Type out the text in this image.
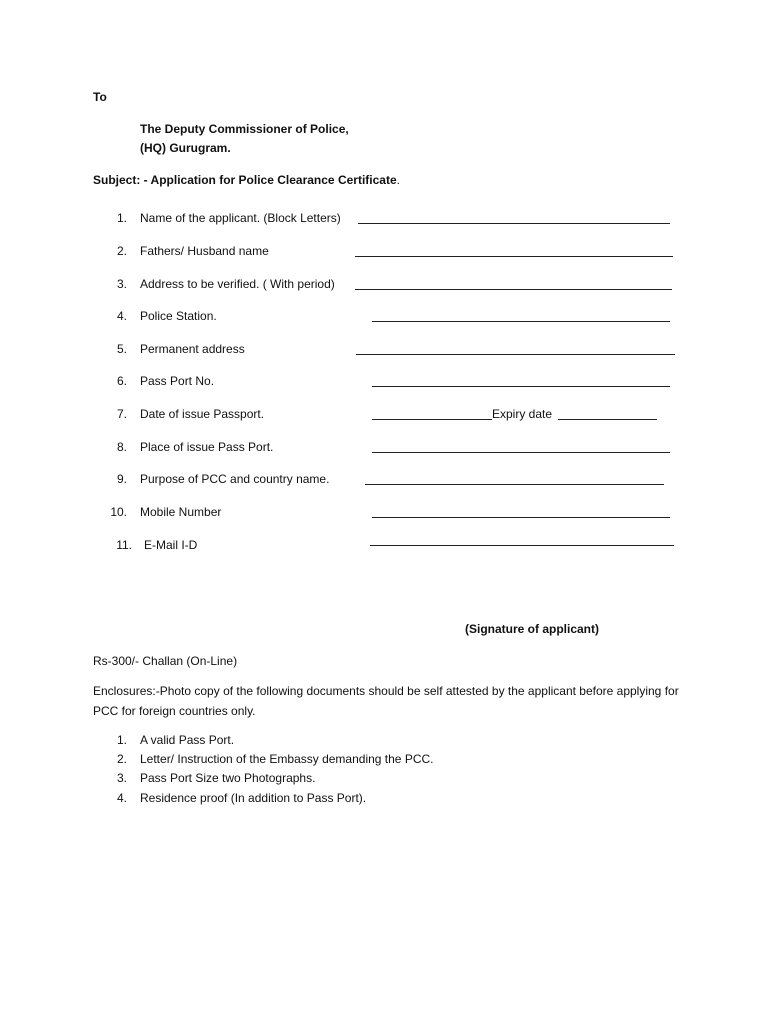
To
The Deputy Commissioner of Police,
(HQ) Gurugram.
Subject: - Application for Police Clearance Certificate.
1. Name of the applicant. (Block Letters)
2. Fathers/ Husband name
3. Address to be verified. ( With period)
4. Police Station.
5. Permanent address
6. Pass Port No.
7. Date of issue Passport.	Expiry date
8. Place of issue Pass Port.
9. Purpose of PCC and country name.
10. Mobile Number
11. E-Mail I-D
(Signature of applicant)
Rs-300/- Challan (On-Line)
Enclosures:-Photo copy of the following documents should be self attested by the applicant before applying for PCC for foreign countries only.
1. A valid Pass Port.
2. Letter/ Instruction of the Embassy demanding the PCC.
3. Pass Port Size two Photographs.
4. Residence proof (In addition to Pass Port).
